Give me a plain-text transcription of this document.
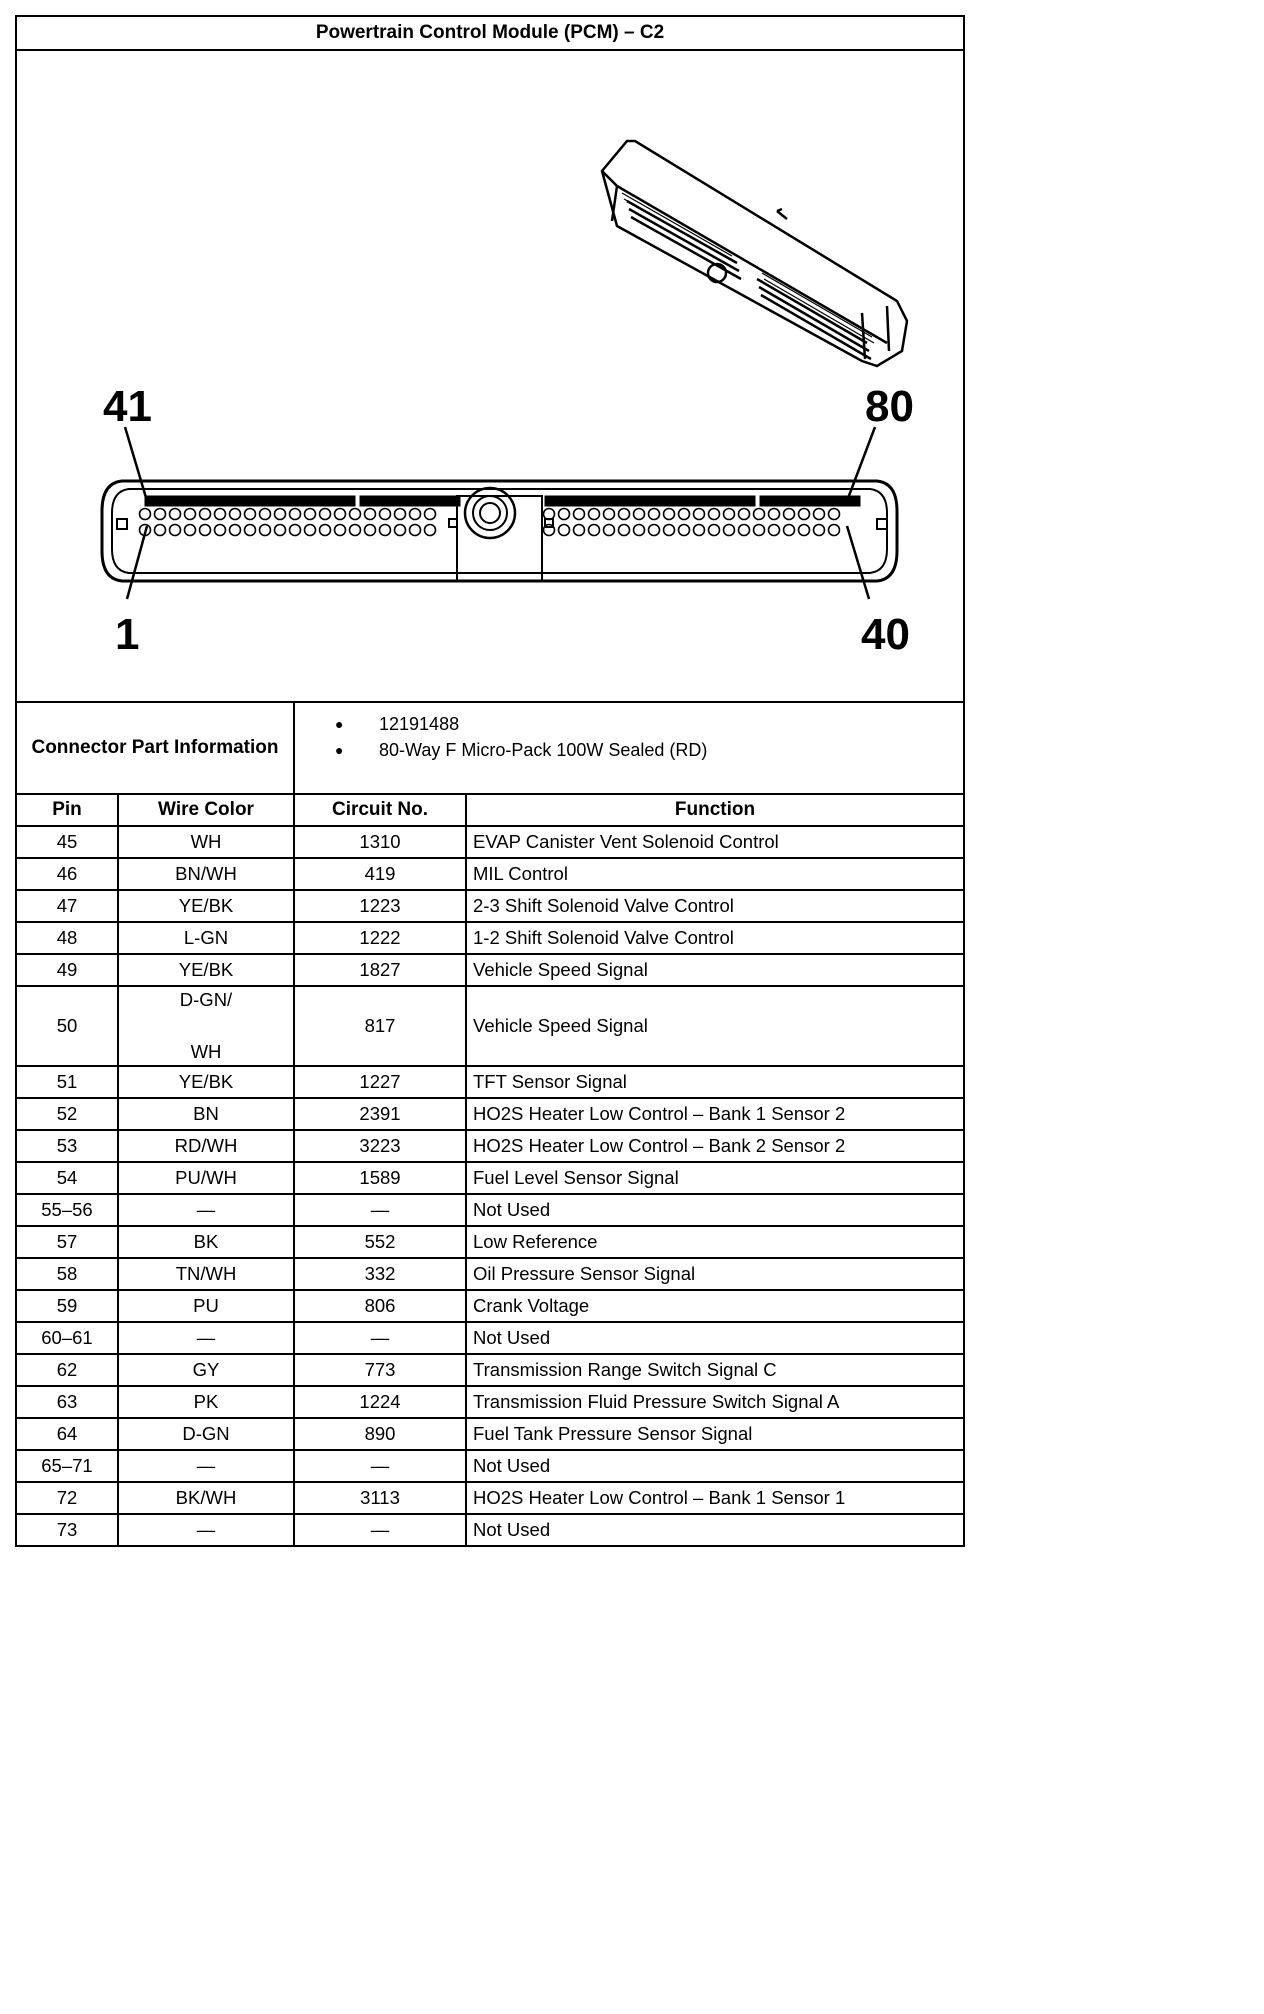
Powertrain Control Module (PCM) – C2
41	80
1	40
Connector Part Information
●	12191488
●	80-Way F Micro-Pack 100W Sealed (RD)
Pin	Wire Color	Circuit No.	Function
45	WH	1310	EVAP Canister Vent Solenoid Control
46	BN/WH	419	MIL Control
47	YE/BK	1223	2-3 Shift Solenoid Valve Control
48	L-GN	1222	1-2 Shift Solenoid Valve Control
49	YE/BK	1827	Vehicle Speed Signal
50	D-GN/
WH	817	Vehicle Speed Signal
51	YE/BK	1227	TFT Sensor Signal
52	BN	2391	HO2S Heater Low Control – Bank 1 Sensor 2
53	RD/WH	3223	HO2S Heater Low Control – Bank 2 Sensor 2
54	PU/WH	1589	Fuel Level Sensor Signal
55–56	—	—	Not Used
57	BK	552	Low Reference
58	TN/WH	332	Oil Pressure Sensor Signal
59	PU	806	Crank Voltage
60–61	—	—	Not Used
62	GY	773	Transmission Range Switch Signal C
63	PK	1224	Transmission Fluid Pressure Switch Signal A
64	D-GN	890	Fuel Tank Pressure Sensor Signal
65–71	—	—	Not Used
72	BK/WH	3113	HO2S Heater Low Control – Bank 1 Sensor 1
73	—	—	Not Used
